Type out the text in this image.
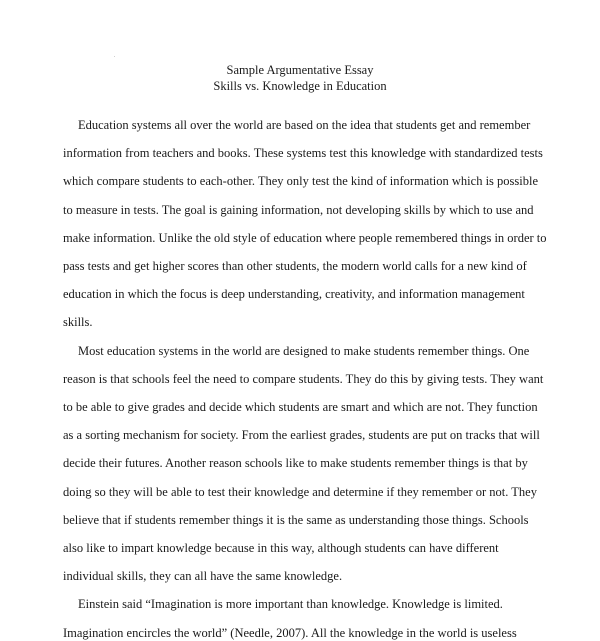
Sample Argumentative Essay
Skills vs. Knowledge in Education
Education systems all over the world are based on the idea that students get and remember
information from teachers and books. These systems test this knowledge with standardized tests
which compare students to each-other. They only test the kind of information which is possible
to measure in tests. The goal is gaining information, not developing skills by which to use and
make information. Unlike the old style of education where people remembered things in order to
pass tests and get higher scores than other students, the modern world calls for a new kind of
education in which the focus is deep understanding, creativity, and information management
skills.
Most education systems in the world are designed to make students remember things. One
reason is that schools feel the need to compare students. They do this by giving tests. They want
to be able to give grades and decide which students are smart and which are not. They function
as a sorting mechanism for society. From the earliest grades, students are put on tracks that will
decide their futures. Another reason schools like to make students remember things is that by
doing so they will be able to test their knowledge and determine if they remember or not. They
believe that if students remember things it is the same as understanding those things. Schools
also like to impart knowledge because in this way, although students can have different
individual skills, they can all have the same knowledge.
Einstein said “Imagination is more important than knowledge. Knowledge is limited.
Imagination encircles the world” (Needle, 2007). All the knowledge in the world is useless
